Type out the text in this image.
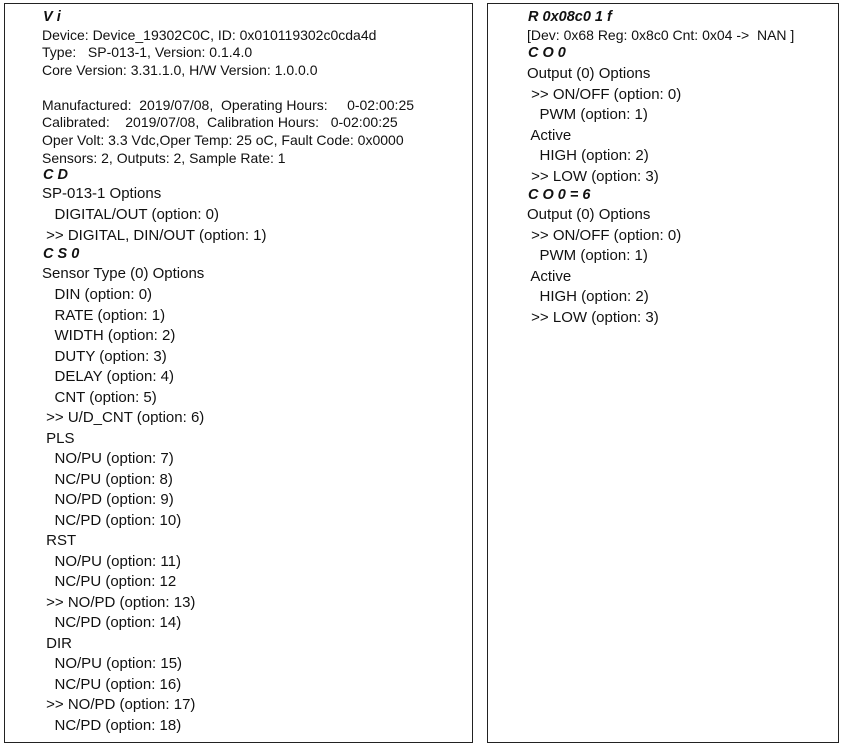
V i
Device: Device_19302C0C, ID: 0x010119302c0cda4d
Type:   SP-013-1, Version: 0.1.4.0
Core Version: 3.31.1.0, H/W Version: 1.0.0.0
Manufactured:  2019/07/08,  Operating Hours:     0-02:00:25
Calibrated:    2019/07/08,  Calibration Hours:   0-02:00:25
Oper Volt: 3.3 Vdc,Oper Temp: 25 oC, Fault Code: 0x0000
Sensors: 2, Outputs: 2, Sample Rate: 1
C D
SP-013-1 Options
DIGITAL/OUT (option: 0)
>> DIGITAL, DIN/OUT (option: 1)
C S 0
Sensor Type (0) Options
DIN (option: 0)
RATE (option: 1)
WIDTH (option: 2)
DUTY (option: 3)
DELAY (option: 4)
CNT (option: 5)
>> U/D_CNT (option: 6)
PLS
NO/PU (option: 7)
NC/PU (option: 8)
NO/PD (option: 9)
NC/PD (option: 10)
RST
NO/PU (option: 11)
NC/PU (option: 12
>> NO/PD (option: 13)
NC/PD (option: 14)
DIR
NO/PU (option: 15)
NC/PU (option: 16)
>> NO/PD (option: 17)
NC/PD (option: 18)
R 0x08c0 1 f
[Dev: 0x68 Reg: 0x8c0 Cnt: 0x04 ->  NAN ]
C O 0
Output (0) Options
>> ON/OFF (option: 0)
PWM (option: 1)
Active
HIGH (option: 2)
>> LOW (option: 3)
C O 0 = 6
Output (0) Options
>> ON/OFF (option: 0)
PWM (option: 1)
Active
HIGH (option: 2)
>> LOW (option: 3)
